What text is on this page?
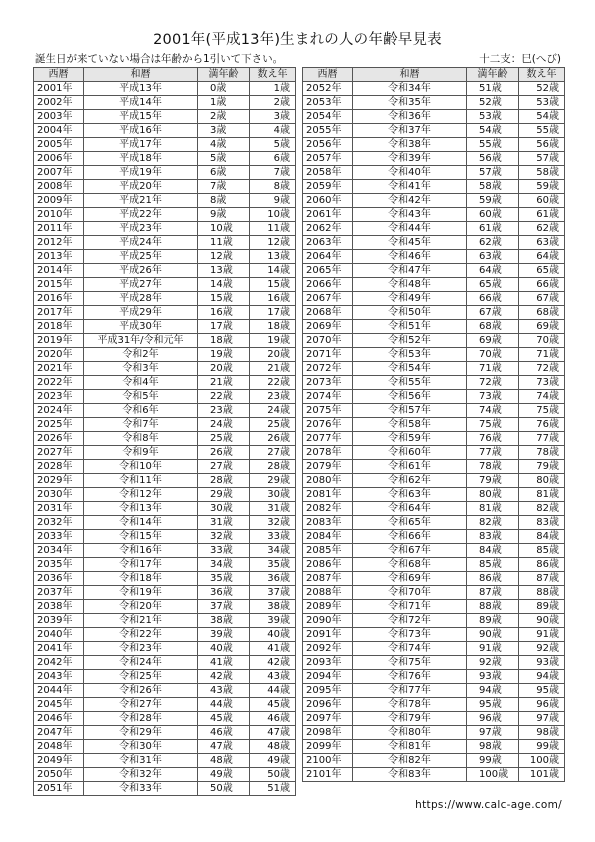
2001年(平成13年)生まれの人の年齢早見表
誕生日が来ていない場合は年齢から1引いて下さい。	十二支：巳(へび)
西暦	和暦	満年齢	数え年
2001年	平成13年	0歳	1歳
2002年	平成14年	1歳	2歳
2003年	平成15年	2歳	3歳
2004年	平成16年	3歳	4歳
2005年	平成17年	4歳	5歳
2006年	平成18年	5歳	6歳
2007年	平成19年	6歳	7歳
2008年	平成20年	7歳	8歳
2009年	平成21年	8歳	9歳
2010年	平成22年	9歳	10歳
2011年	平成23年	10歳	11歳
2012年	平成24年	11歳	12歳
2013年	平成25年	12歳	13歳
2014年	平成26年	13歳	14歳
2015年	平成27年	14歳	15歳
2016年	平成28年	15歳	16歳
2017年	平成29年	16歳	17歳
2018年	平成30年	17歳	18歳
2019年	平成31年/令和元年	18歳	19歳
2020年	令和2年	19歳	20歳
2021年	令和3年	20歳	21歳
2022年	令和4年	21歳	22歳
2023年	令和5年	22歳	23歳
2024年	令和6年	23歳	24歳
2025年	令和7年	24歳	25歳
2026年	令和8年	25歳	26歳
2027年	令和9年	26歳	27歳
2028年	令和10年	27歳	28歳
2029年	令和11年	28歳	29歳
2030年	令和12年	29歳	30歳
2031年	令和13年	30歳	31歳
2032年	令和14年	31歳	32歳
2033年	令和15年	32歳	33歳
2034年	令和16年	33歳	34歳
2035年	令和17年	34歳	35歳
2036年	令和18年	35歳	36歳
2037年	令和19年	36歳	37歳
2038年	令和20年	37歳	38歳
2039年	令和21年	38歳	39歳
2040年	令和22年	39歳	40歳
2041年	令和23年	40歳	41歳
2042年	令和24年	41歳	42歳
2043年	令和25年	42歳	43歳
2044年	令和26年	43歳	44歳
2045年	令和27年	44歳	45歳
2046年	令和28年	45歳	46歳
2047年	令和29年	46歳	47歳
2048年	令和30年	47歳	48歳
2049年	令和31年	48歳	49歳
2050年	令和32年	49歳	50歳
2051年	令和33年	50歳	51歳
西暦	和暦	満年齢	数え年
2052年	令和34年	51歳	52歳
2053年	令和35年	52歳	53歳
2054年	令和36年	53歳	54歳
2055年	令和37年	54歳	55歳
2056年	令和38年	55歳	56歳
2057年	令和39年	56歳	57歳
2058年	令和40年	57歳	58歳
2059年	令和41年	58歳	59歳
2060年	令和42年	59歳	60歳
2061年	令和43年	60歳	61歳
2062年	令和44年	61歳	62歳
2063年	令和45年	62歳	63歳
2064年	令和46年	63歳	64歳
2065年	令和47年	64歳	65歳
2066年	令和48年	65歳	66歳
2067年	令和49年	66歳	67歳
2068年	令和50年	67歳	68歳
2069年	令和51年	68歳	69歳
2070年	令和52年	69歳	70歳
2071年	令和53年	70歳	71歳
2072年	令和54年	71歳	72歳
2073年	令和55年	72歳	73歳
2074年	令和56年	73歳	74歳
2075年	令和57年	74歳	75歳
2076年	令和58年	75歳	76歳
2077年	令和59年	76歳	77歳
2078年	令和60年	77歳	78歳
2079年	令和61年	78歳	79歳
2080年	令和62年	79歳	80歳
2081年	令和63年	80歳	81歳
2082年	令和64年	81歳	82歳
2083年	令和65年	82歳	83歳
2084年	令和66年	83歳	84歳
2085年	令和67年	84歳	85歳
2086年	令和68年	85歳	86歳
2087年	令和69年	86歳	87歳
2088年	令和70年	87歳	88歳
2089年	令和71年	88歳	89歳
2090年	令和72年	89歳	90歳
2091年	令和73年	90歳	91歳
2092年	令和74年	91歳	92歳
2093年	令和75年	92歳	93歳
2094年	令和76年	93歳	94歳
2095年	令和77年	94歳	95歳
2096年	令和78年	95歳	96歳
2097年	令和79年	96歳	97歳
2098年	令和80年	97歳	98歳
2099年	令和81年	98歳	99歳
2100年	令和82年	99歳	100歳
2101年	令和83年	100歳	101歳
https://www.calc-age.com/
